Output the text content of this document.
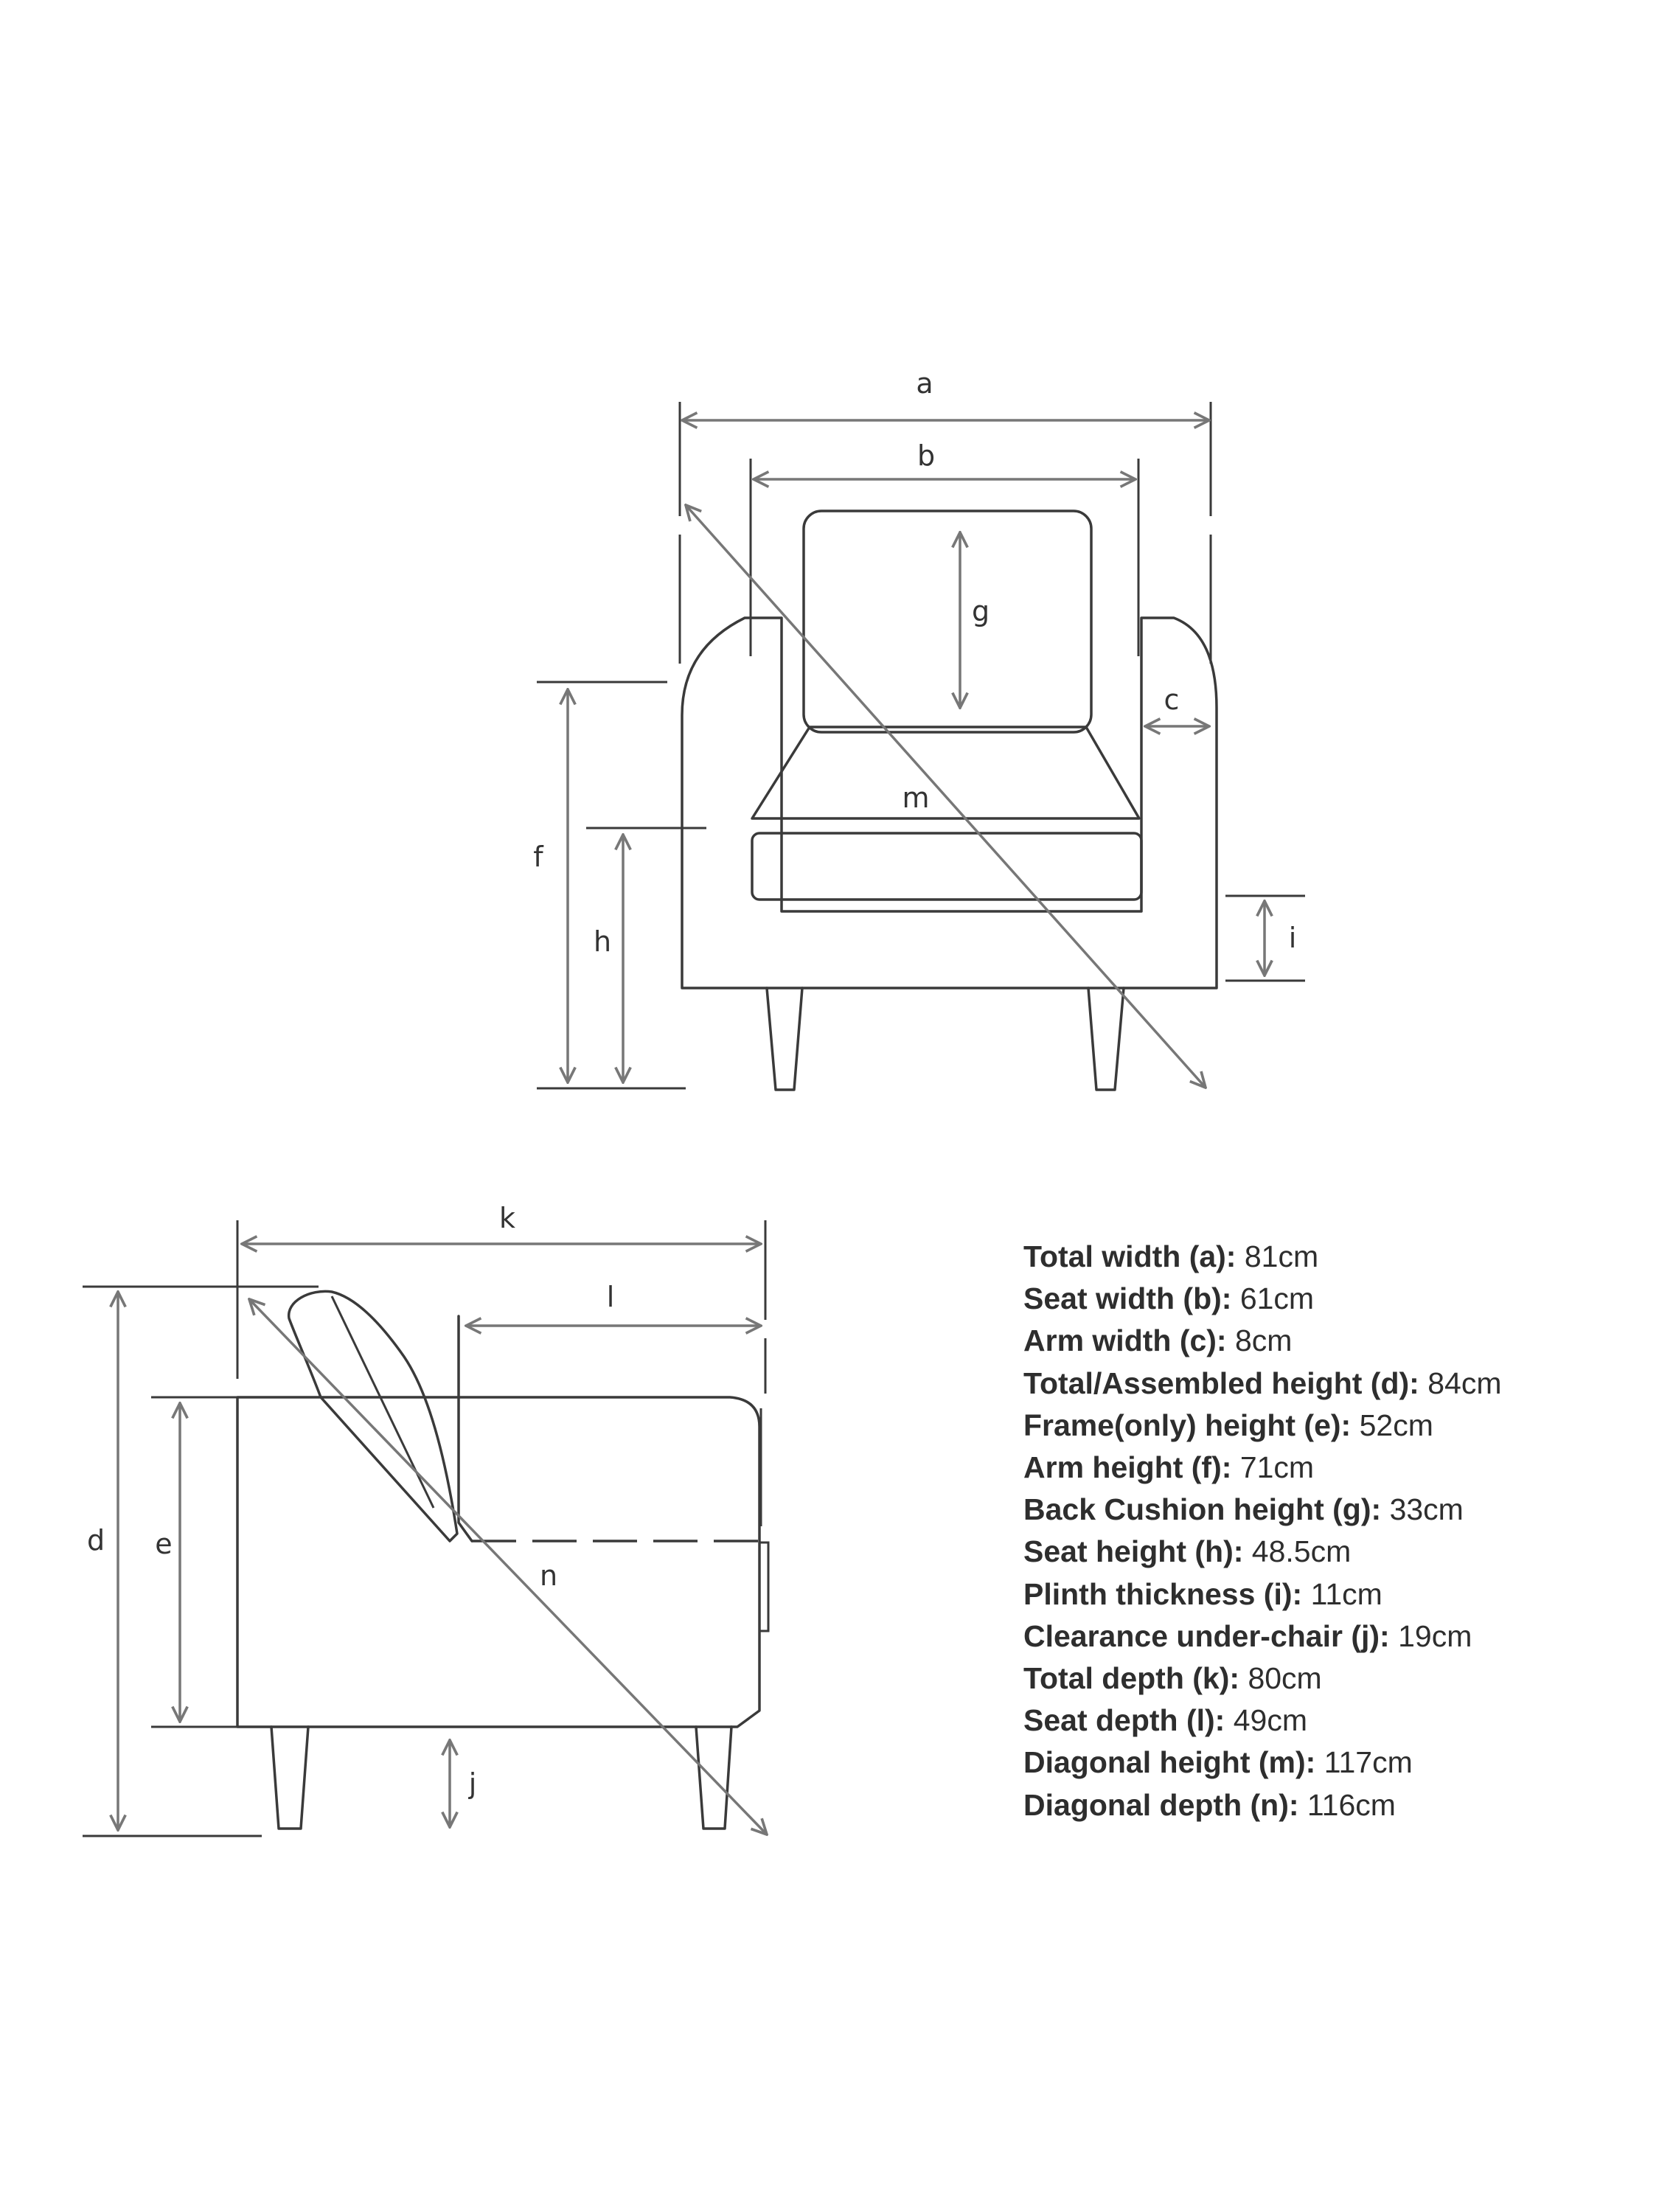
a
b
g
c
m
f
h	i
k
l
d e
n
j
Total width (a): 81cm
Seat width (b): 61cm
Arm width (c): 8cm
Total/Assembled height (d): 84cm
Frame(only) height (e): 52cm
Arm height (f): 71cm
Back Cushion height (g): 33cm
Seat height (h): 48.5cm
Plinth thickness (i): 11cm
Clearance under-chair (j): 19cm
Total depth (k): 80cm
Seat depth (l): 49cm
Diagonal height (m): 117cm
Diagonal depth (n): 116cm
